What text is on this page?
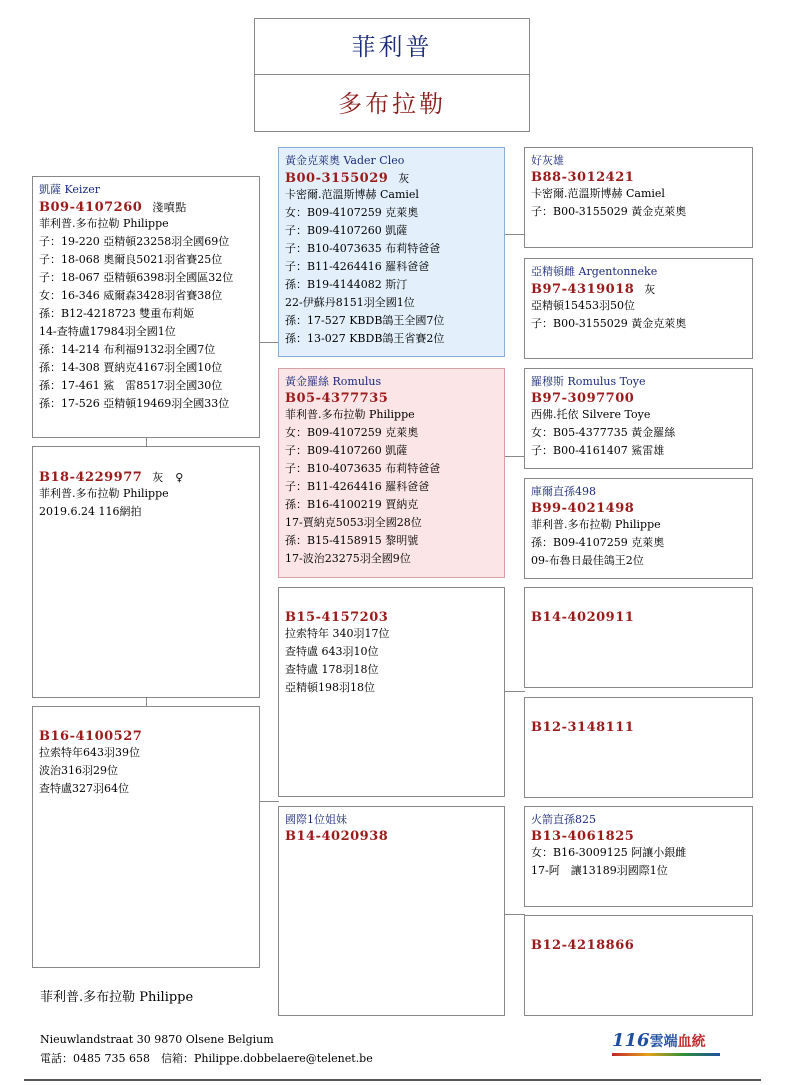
菲利普
多布拉勒
凱薩 Keizer
B09-4107260 淺噴點
菲利普.多布拉勒 Philippe
子：19-220 亞精頓23258羽全國69位
子：18-068 奧爾良5021羽省賽25位
子：18-067 亞精頓6398羽全國區32位
女：16-346 威爾森3428羽省賽38位
孫：B12-4218723 雙重布莉姬
14-查特盧17984羽全國1位
孫：14-214 布利福9132羽全國7位
孫：14-308 賈納克4167羽全國10位
孫：17-461 鯊　雷8517羽全國30位
孫：17-526 亞精頓19469羽全國33位

B18-4229977 灰　♀
菲利普.多布拉勒 Philippe
2019.6.24 116網拍

B16-4100527
拉索特年643羽39位
波治316羽29位
查特盧327羽64位
黃金克萊奧 Vader Cleo
B00-3155029 灰
卡密爾.范溫斯博赫 Camiel
女：B09-4107259 克萊奧
子：B09-4107260 凱薩
子：B10-4073635 布莉特爸爸
子：B11-4264416 羅科爸爸
孫：B19-4144082 斯汀
22-伊蘇丹8151羽全國1位
孫：17-527 KBDB鴿王全國7位
孫：13-027 KBDB鴿王省賽2位
黃金羅絲 Romulus
B05-4377735
菲利普.多布拉勒 Philippe
女：B09-4107259 克萊奧
子：B09-4107260 凱薩
子：B10-4073635 布莉特爸爸
子：B11-4264416 羅科爸爸
孫：B16-4100219 賈納克
17-賈納克5053羽全國28位
孫：B15-4158915 黎明號
17-波治23275羽全國9位

B15-4157203
拉索特年 340羽17位
查特盧 643羽10位
查特盧 178羽18位
亞精頓198羽18位
國際1位姐妹
B14-4020938
好灰雄
B88-3012421
卡密爾.范溫斯博赫 Camiel
子：B00-3155029 黃金克萊奧
亞精頓雌 Argentonneke
B97-4319018 灰
亞精頓15453羽50位
子：B00-3155029 黃金克萊奧
羅穆斯 Romulus Toye
B97-3097700
西佛.托依 Silvere Toye
女：B05-4377735 黃金羅絲
子：B00-4161407 鯊雷雄
庫爾直孫498
B99-4021498
菲利普.多布拉勒 Philippe
孫：B09-4107259 克萊奧
09-布魯日最佳鴿王2位

B14-4020911

B12-3148111
火箭直孫825
B13-4061825
女：B16-3009125 阿讓小銀雌
17-阿　讓13189羽國際1位

B12-4218866
菲利普.多布拉勒 Philippe
Nieuwlandstraat 30 9870 Olsene Belgium
電話：0485 735 658　信箱：Philippe.dobbelaere@telenet.be
116雲端血統
